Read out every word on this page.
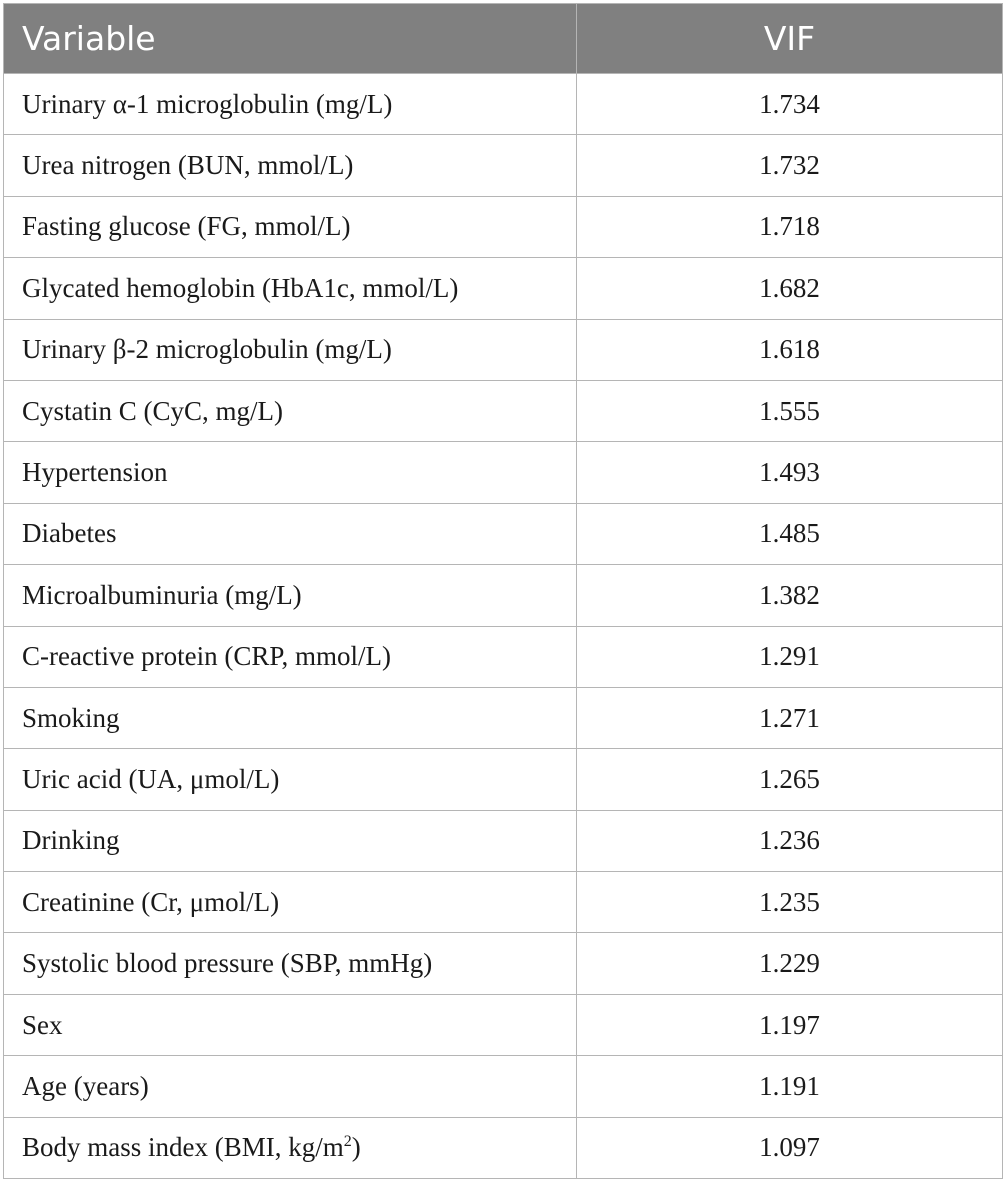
Variable	VIF
Urinary α-1 microglobulin (mg/L)	1.734
Urea nitrogen (BUN, mmol/L)	1.732
Fasting glucose (FG, mmol/L)	1.718
Glycated hemoglobin (HbA1c, mmol/L)	1.682
Urinary β-2 microglobulin (mg/L)	1.618
Cystatin C (CyC, mg/L)	1.555
Hypertension	1.493
Diabetes	1.485
Microalbuminuria (mg/L)	1.382
C-reactive protein (CRP, mmol/L)	1.291
Smoking	1.271
Uric acid (UA, μmol/L)	1.265
Drinking	1.236
Creatinine (Cr, μmol/L)	1.235
Systolic blood pressure (SBP, mmHg)	1.229
Sex	1.197
Age (years)	1.191
Body mass index (BMI, $kg/m^2$)	1.097
